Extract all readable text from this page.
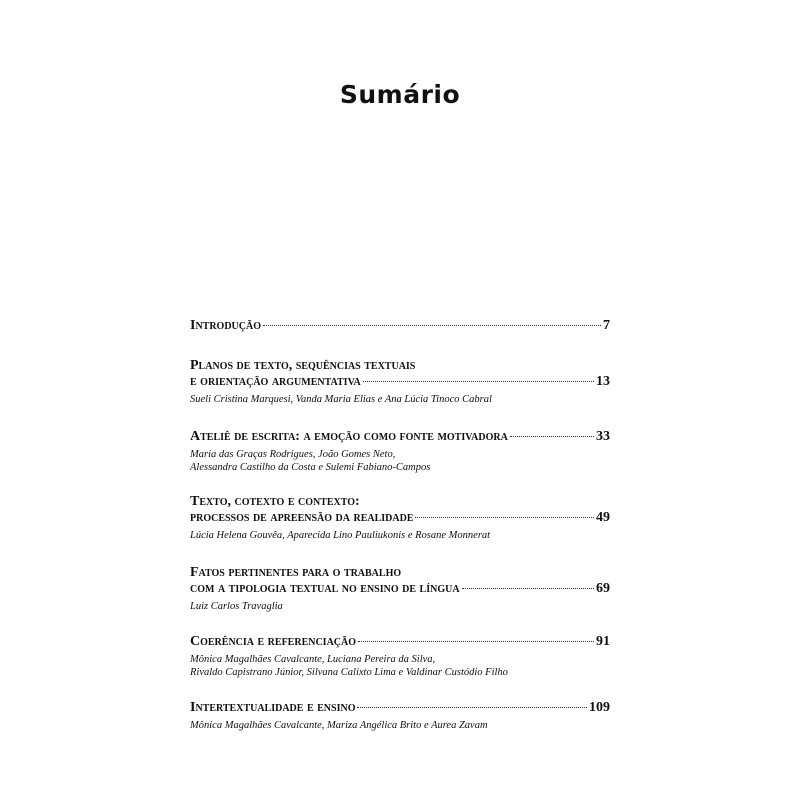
Sumário
Introdução	7
Planos de texto, sequências textuais
e orientação argumentativa	13
Sueli Cristina Marquesi, Vanda Maria Elias e Ana Lúcia Tinoco Cabral
Ateliê de escrita: a emoção como fonte motivadora	33
Maria das Graças Rodrigues, João Gomes Neto,
Alessandra Castilho da Costa e Sulemi Fabiano-Campos
Texto, cotexto e contexto:
processos de apreensão da realidade	49
Lúcia Helena Gouvêa, Aparecida Lino Pauliukonis e Rosane Monnerat
Fatos pertinentes para o trabalho
com a tipologia textual no ensino de língua	69
Luiz Carlos Travaglia
Coerência e referenciação	91
Mônica Magalhães Cavalcante, Luciana Pereira da Silva,
Rivaldo Capistrano Júnior, Silvana Calixto Lima e Valdinar Custódio Filho
Intertextualidade e ensino	109
Mônica Magalhães Cavalcante, Mariza Angélica Brito e Aurea Zavam
